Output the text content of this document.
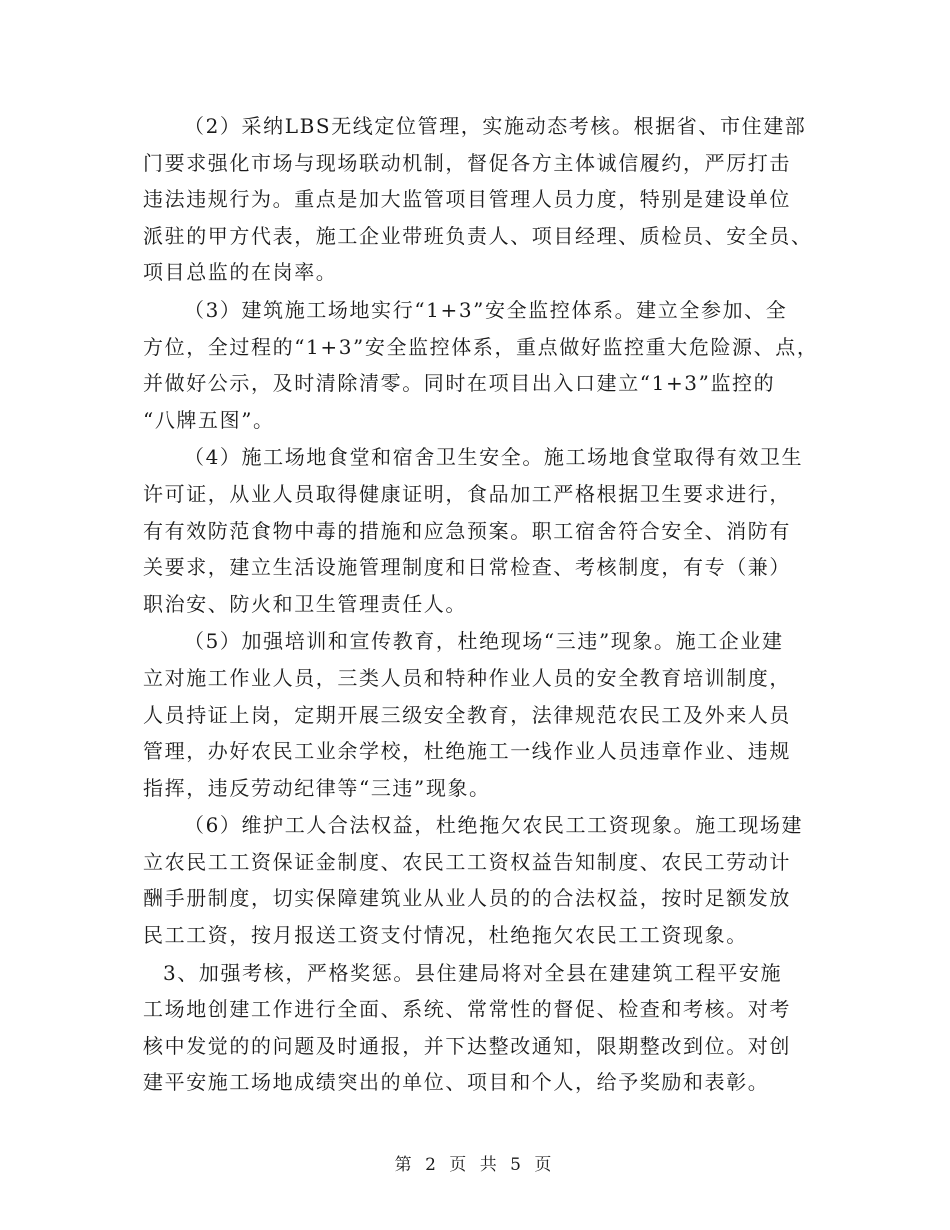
（2）采纳LBS无线定位管理，实施动态考核。根据省、市住建部
门要求强化市场与现场联动机制，督促各方主体诚信履约，严厉打击
违法违规行为。重点是加大监管项目管理人员力度，特别是建设单位
派驻的甲方代表，施工企业带班负责人、项目经理、质检员、安全员、
项目总监的在岗率。
（3）建筑施工场地实行“1+3”安全监控体系。建立全参加、全
方位，全过程的“1+3”安全监控体系，重点做好监控重大危险源、点，
并做好公示，及时清除清零。同时在项目出入口建立“1+3”监控的
“八牌五图”。
（4）施工场地食堂和宿舍卫生安全。施工场地食堂取得有效卫生
许可证，从业人员取得健康证明，食品加工严格根据卫生要求进行，
有有效防范食物中毒的措施和应急预案。职工宿舍符合安全、消防有
关要求，建立生活设施管理制度和日常检查、考核制度，有专（兼）
职治安、防火和卫生管理责任人。
（5）加强培训和宣传教育，杜绝现场“三违”现象。施工企业建
立对施工作业人员，三类人员和特种作业人员的安全教育培训制度，
人员持证上岗，定期开展三级安全教育，法律规范农民工及外来人员
管理，办好农民工业余学校，杜绝施工一线作业人员违章作业、违规
指挥，违反劳动纪律等“三违”现象。
（6）维护工人合法权益，杜绝拖欠农民工工资现象。施工现场建
立农民工工资保证金制度、农民工工资权益告知制度、农民工劳动计
酬手册制度，切实保障建筑业从业人员的的合法权益，按时足额发放
民工工资，按月报送工资支付情况，杜绝拖欠农民工工资现象。
3、加强考核，严格奖惩。县住建局将对全县在建建筑工程平安施
工场地创建工作进行全面、系统、常常性的督促、检查和考核。对考
核中发觉的的问题及时通报，并下达整改通知，限期整改到位。对创
建平安施工场地成绩突出的单位、项目和个人，给予奖励和表彰。
第 2 页 共 5 页
